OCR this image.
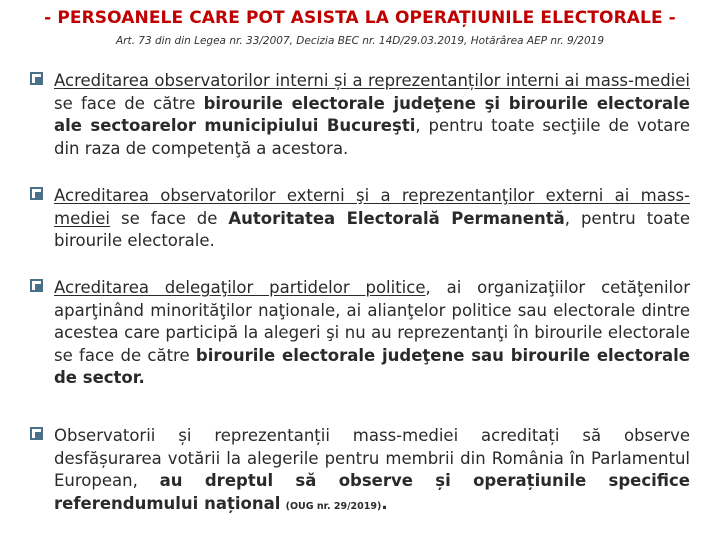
- PERSOANELE CARE POT ASISTA LA OPERAȚIUNILE ELECTORALE -
Art. 73 din din Legea nr. 33/2007, Decizia BEC nr. 14D/29.03.2019, Hotărârea AEP nr. 9/2019
Acreditarea observatorilor interni și a reprezentanților interni ai mass-mediei se face de către birourile electorale judeţene şi birourile electorale ale sectoarelor municipiului Bucureşti, pentru toate secţiile de votare din raza de competenţă a acestora.
Acreditarea observatorilor externi şi a reprezentanţilor externi ai mass-mediei se face de Autoritatea Electorală Permanentă, pentru toate birourile electorale.
Acreditarea delegaţilor partidelor politice, ai organizaţiilor cetăţenilor aparţinând minorităţilor naţionale, ai alianţelor politice sau electorale dintre acestea care participă la alegeri şi nu au reprezentanţi în birourile electorale se face de către birourile electorale judeţene sau birourile electorale de sector.
Observatorii și reprezentanții mass-mediei acreditați să observe desfășurarea votării la alegerile pentru membrii din România în Parlamentul European, au dreptul să observe și operațiunile specifice referendumului național (OUG nr. 29/2019).
